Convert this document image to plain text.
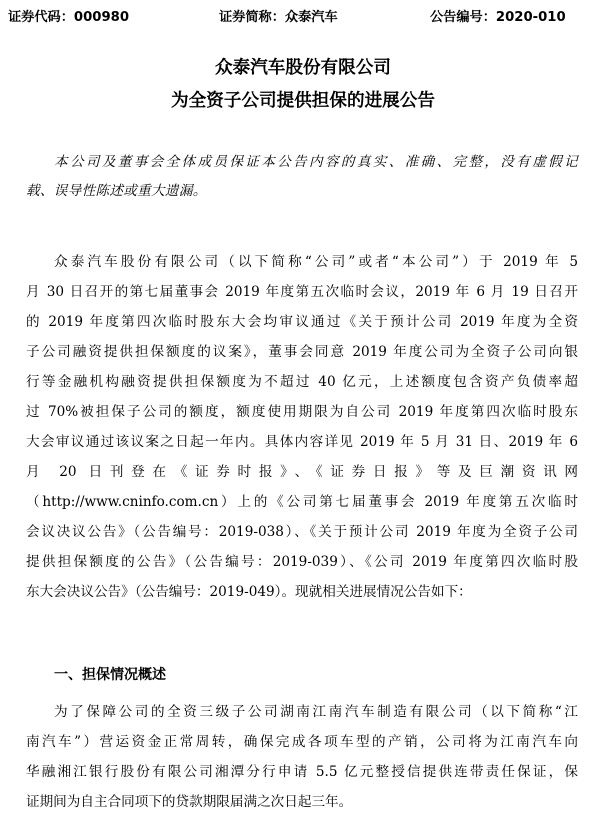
证券代码：000980	证券简称：众泰汽车	公告编号：2020-010
众泰汽车股份有限公司
为全资子公司提供担保的进展公告
本公司及董事会全体成员保证本公告内容的真实、准确、完整，没有虚假记
载、误导性陈述或重大遗漏。
众泰汽车股份有限公司（以下简称“公司”或者“本公司”）于 2019 年 5
月 30 日召开的第七届董事会 2019 年度第五次临时会议，2019 年 6 月 19 日召开
的 2019 年度第四次临时股东大会均审议通过《关于预计公司 2019 年度为全资
子公司融资提供担保额度的议案》，董事会同意 2019 年度公司为全资子公司向银
行等金融机构融资提供担保额度为不超过 40 亿元，上述额度包含资产负债率超
过 70%被担保子公司的额度，额度使用期限为自公司 2019 年度第四次临时股东
大会审议通过该议案之日起一年内。具体内容详见 2019 年 5 月 31 日、2019 年 6
月 20 日刊登在《证券时报》、《证券日报》等及巨潮资讯网
（http://www.cninfo.com.cn）上的《公司第七届董事会 2019 年度第五次临时
会议决议公告》（公告编号：2019-038）、《关于预计公司 2019 年度为全资子公司
提供担保额度的公告》（公告编号：2019-039）、《公司 2019 年度第四次临时股
东大会决议公告》（公告编号：2019-049）。现就相关进展情况公告如下：
一、担保情况概述
为了保障公司的全资三级子公司湖南江南汽车制造有限公司（以下简称“江
南汽车”）营运资金正常周转，确保完成各项车型的产销，公司将为江南汽车向
华融湘江银行股份有限公司湘潭分行申请 5.5 亿元整授信提供连带责任保证，保
证期间为自主合同项下的贷款期限届满之次日起三年。
